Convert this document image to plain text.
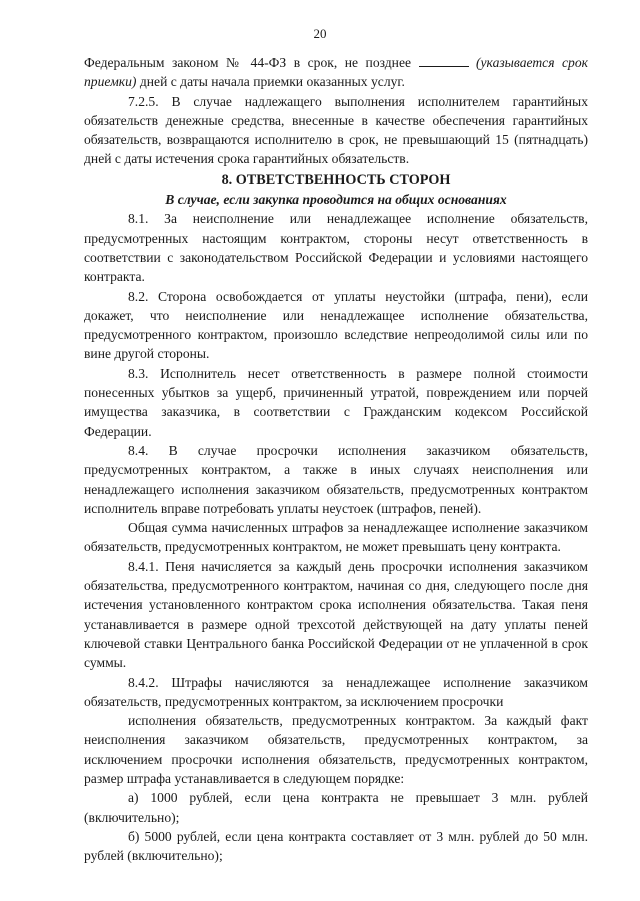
20

Федеральным законом № 44-ФЗ в срок, не позднее	(указывается срок приемки) дней с даты начала приемки оказанных услуг.

7.2.5. В случае надлежащего выполнения исполнителем гарантийных обязательств денежные средства, внесенные в качестве обеспечения гарантийных обязательств, возвращаются исполнителю в срок, не превышающий 15 (пятнадцать) дней с даты истечения срока гарантийных обязательств.

8. ОТВЕТСТВЕННОСТЬ СТОРОН
В случае, если закупка проводится на общих основаниях

8.1. За неисполнение или ненадлежащее исполнение обязательств, предусмотренных настоящим контрактом, стороны несут ответственность в соответствии с законодательством Российской Федерации и условиями настоящего контракта.

8.2. Сторона освобождается от уплаты неустойки (штрафа, пени), если докажет, что неисполнение или ненадлежащее исполнение обязательства, предусмотренного контрактом, произошло вследствие непреодолимой силы или по вине другой стороны.

8.3. Исполнитель несет ответственность в размере полной стоимости понесенных убытков за ущерб, причиненный утратой, повреждением или порчей имущества заказчика, в соответствии с Гражданским кодексом Российской Федерации.

8.4. В случае просрочки исполнения заказчиком обязательств, предусмотренных контрактом, а также в иных случаях неисполнения или ненадлежащего исполнения заказчиком обязательств, предусмотренных контрактом исполнитель вправе потребовать уплаты неустоек (штрафов, пеней).

Общая сумма начисленных штрафов за ненадлежащее исполнение заказчиком обязательств, предусмотренных контрактом, не может превышать цену контракта.

8.4.1. Пеня начисляется за каждый день просрочки исполнения заказчиком обязательства, предусмотренного контрактом, начиная со дня, следующего после дня истечения установленного контрактом срока исполнения обязательства. Такая пеня устанавливается в размере одной трехсотой действующей на дату уплаты пеней ключевой ставки Центрального банка Российской Федерации от не уплаченной в срок суммы.

8.4.2. Штрафы начисляются за ненадлежащее исполнение заказчиком обязательств, предусмотренных контрактом, за исключением просрочки

исполнения обязательств, предусмотренных контрактом. За каждый факт неисполнения заказчиком обязательств, предусмотренных контрактом, за исключением просрочки исполнения обязательств, предусмотренных контрактом, размер штрафа устанавливается в следующем порядке:

а) 1000 рублей, если цена контракта не превышает 3 млн. рублей (включительно);

б) 5000 рублей, если цена контракта составляет от 3 млн. рублей до 50 млн. рублей (включительно);
